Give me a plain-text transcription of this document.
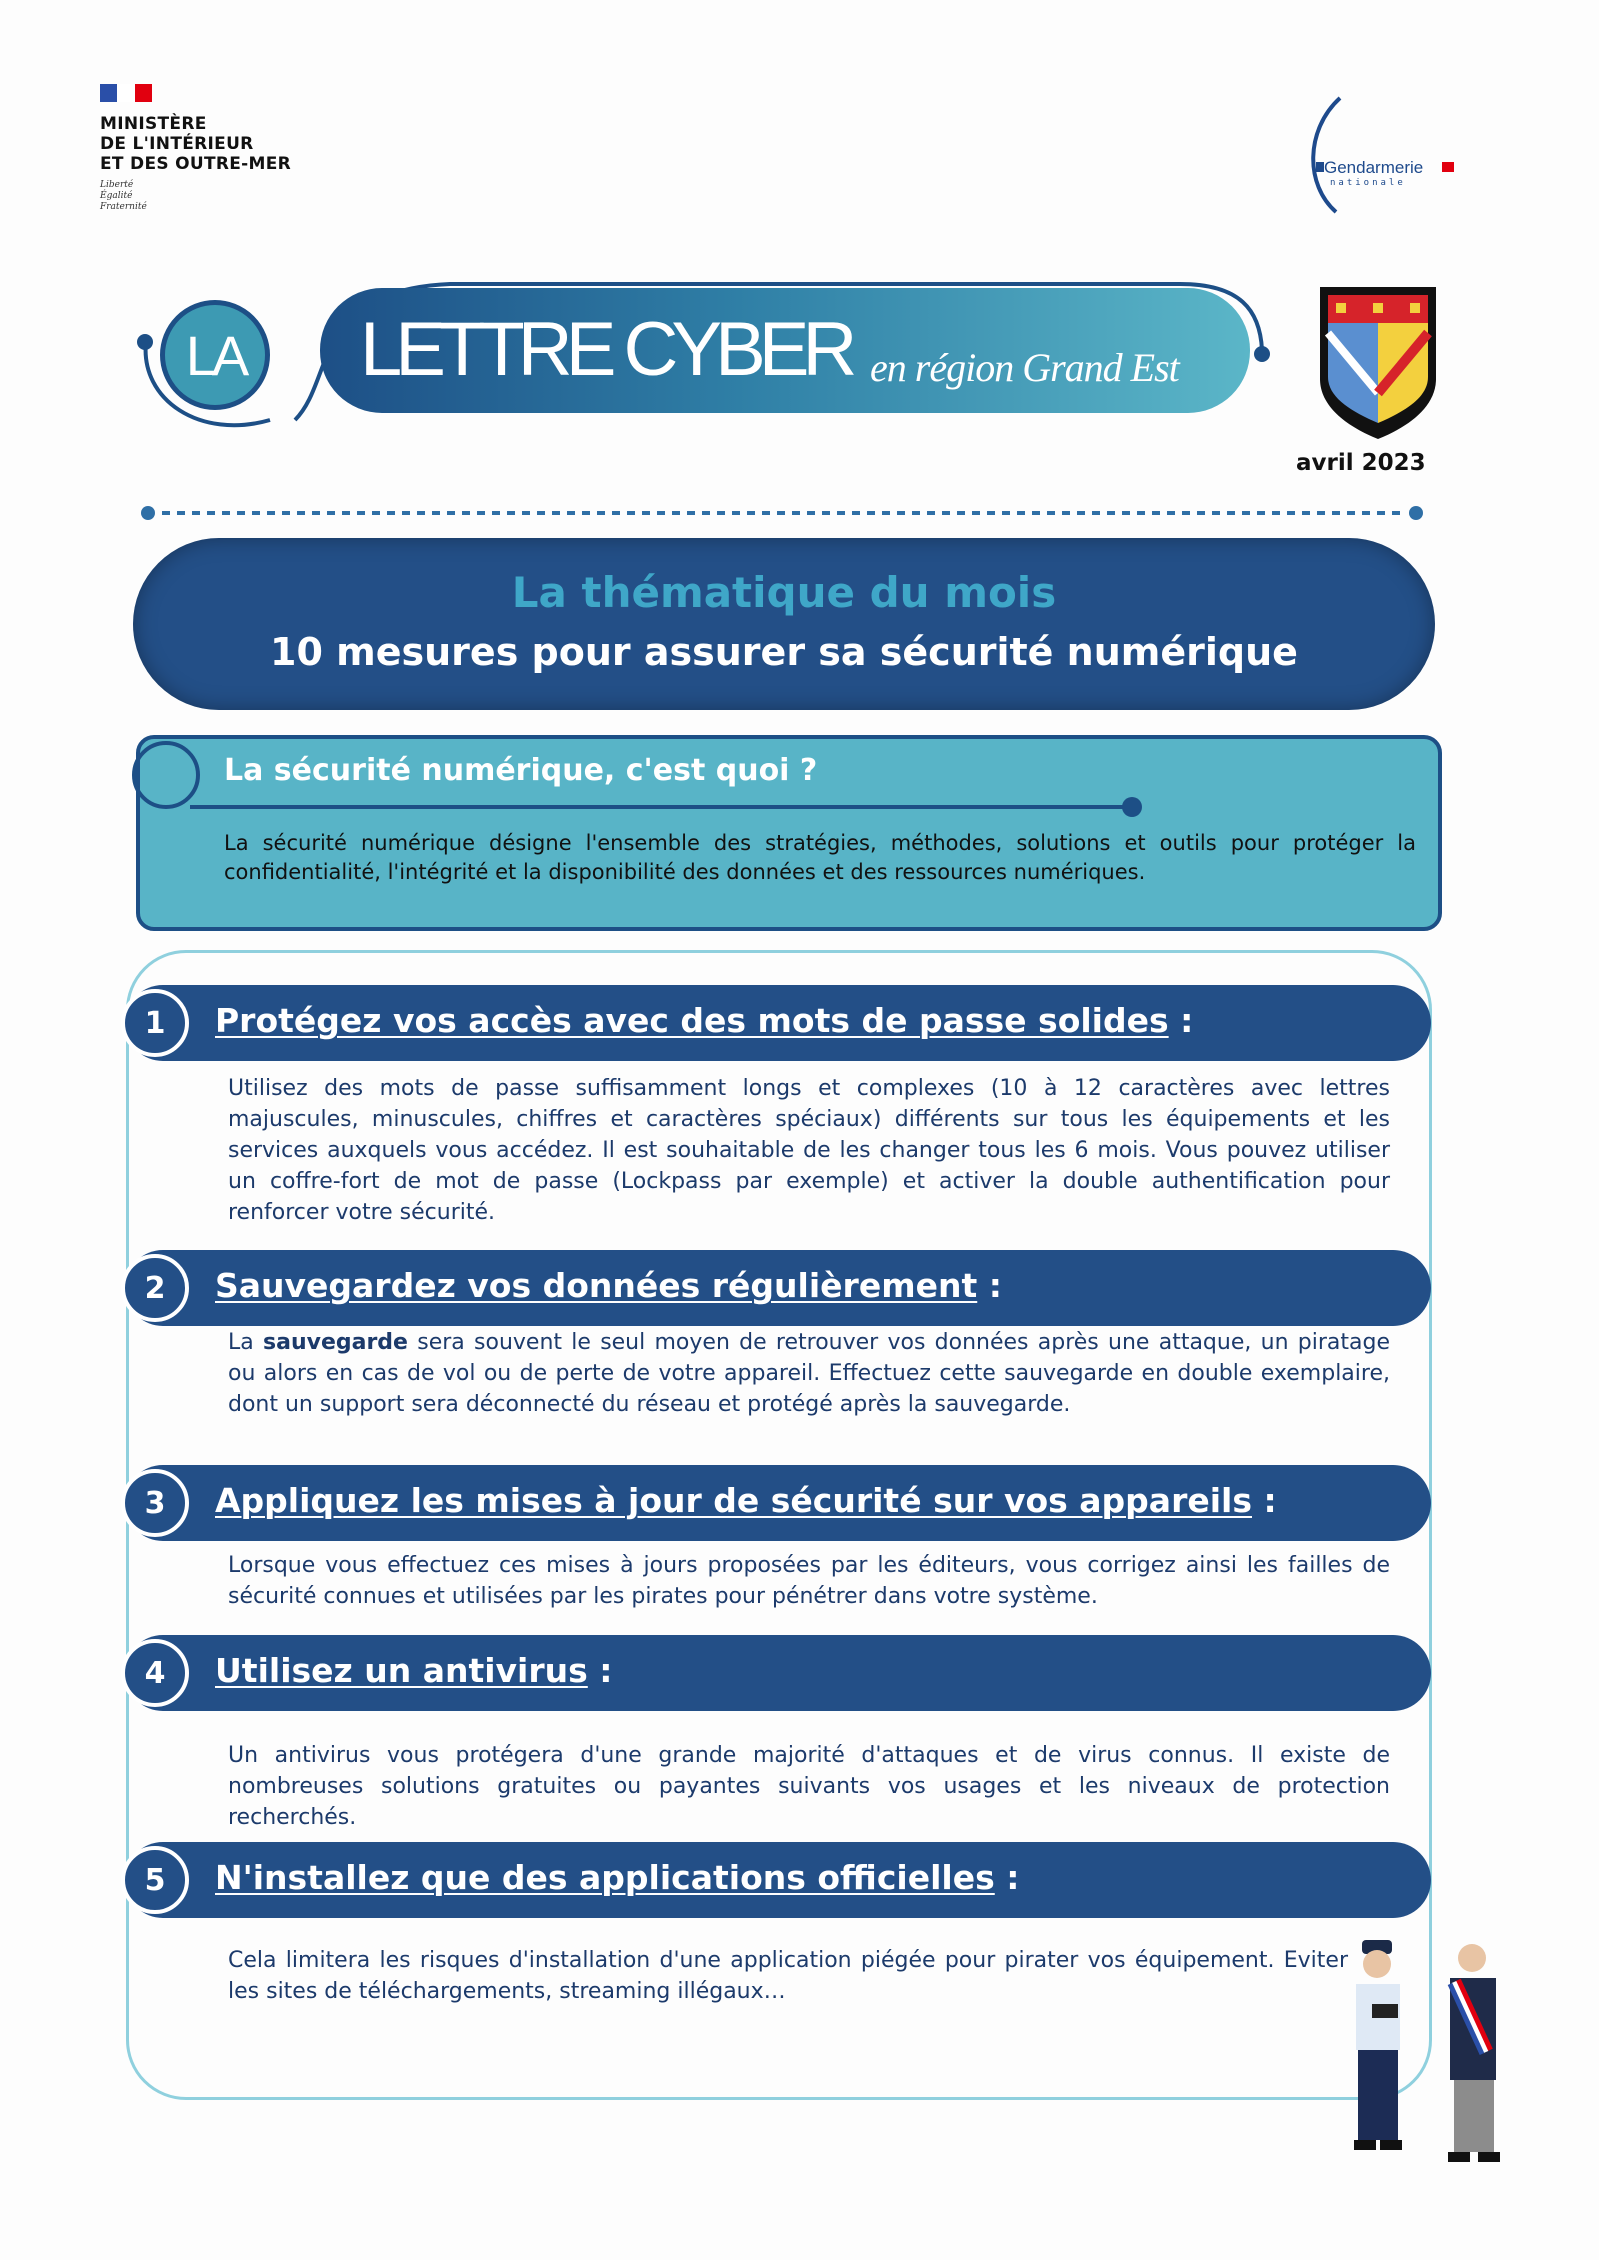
MINISTÈRE
DE L'INTÉRIEUR
ET DES OUTRE-MER
Liberté
Égalité
Fraternité
Gendarmerie
nationale
LA	LETTRE CYBER en région Grand Est
avril 2023
La thématique du mois
10 mesures pour assurer sa sécurité numérique
La sécurité numérique, c'est quoi ?
La sécurité numérique désigne l'ensemble des stratégies, méthodes, solutions et outils pour protéger la confidentialité, l'intégrité et la disponibilité des données et des ressources numériques.
1	Protégez vos accès avec des mots de passe solides :
Utilisez des mots de passe suffisamment longs et complexes (10 à 12 caractères avec lettres majuscules, minuscules, chiffres et caractères spéciaux) différents sur tous les équipements et les services auxquels vous accédez. Il est souhaitable de les changer tous les 6 mois. Vous pouvez utiliser un coffre-fort de mot de passe (Lockpass par exemple) et activer la double authentification pour renforcer votre sécurité.
2	Sauvegardez vos données régulièrement :
La sauvegarde sera souvent le seul moyen de retrouver vos données après une attaque, un piratage ou alors en cas de vol ou de perte de votre appareil. Effectuez cette sauvegarde en double exemplaire, dont un support sera déconnecté du réseau et protégé après la sauvegarde.
3	Appliquez les mises à jour de sécurité sur vos appareils :
Lorsque vous effectuez ces mises à jours proposées par les éditeurs, vous corrigez ainsi les failles de sécurité connues et utilisées par les pirates pour pénétrer dans votre système.
4	Utilisez un antivirus :
Un antivirus vous protégera d'une grande majorité d'attaques et de virus connus. Il existe de nombreuses solutions gratuites ou payantes suivants vos usages et les niveaux de protection recherchés.
5	N'installez que des applications officielles :
Cela limitera les risques d'installation d'une application piégée pour pirater vos équipement. Eviter les sites de téléchargements, streaming illégaux…
